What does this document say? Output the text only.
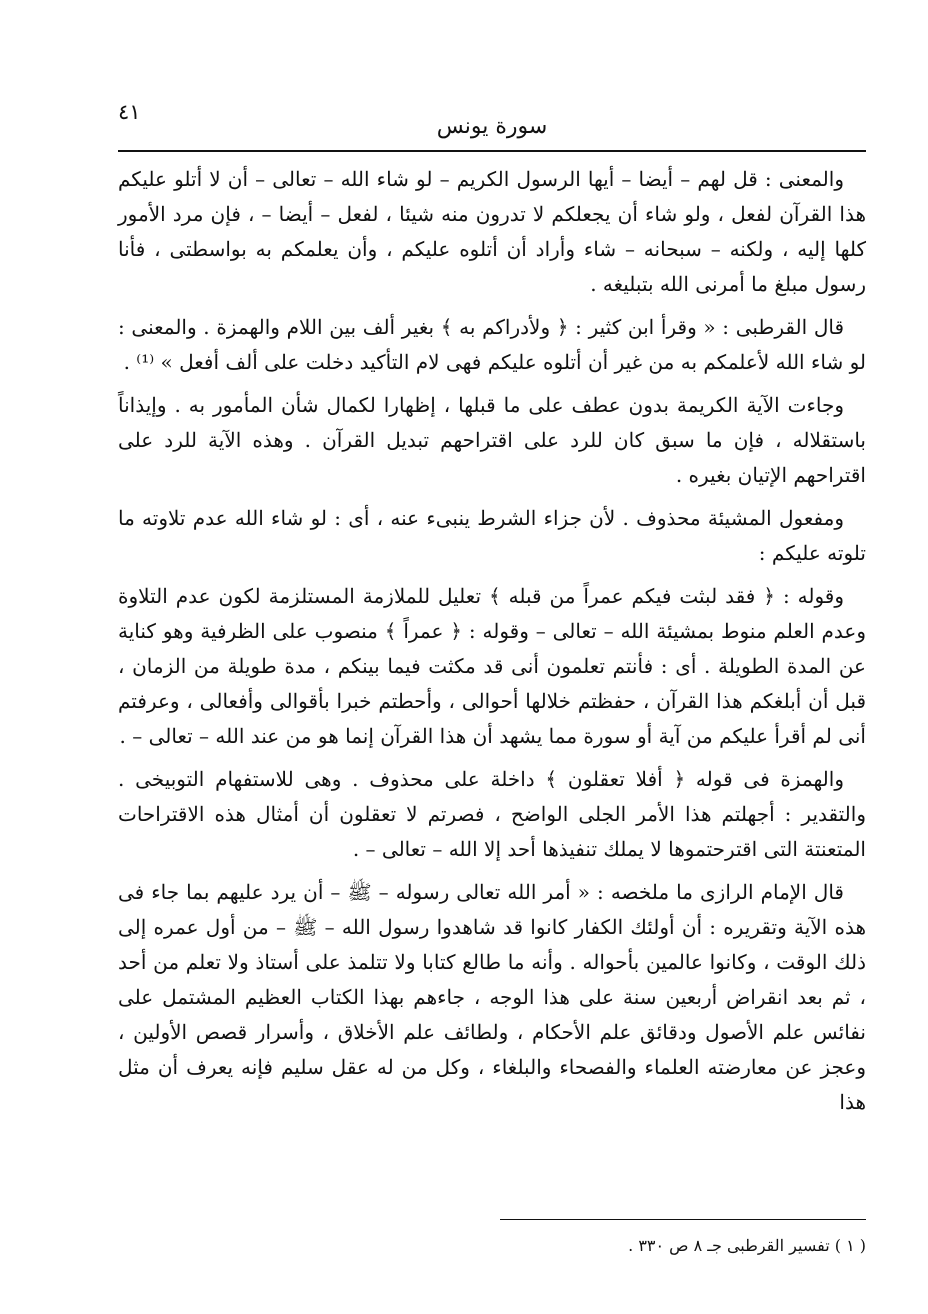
٤١
سورة يونس

والمعنى : قل لهم – أيضا – أيها الرسول الكريم – لو شاء الله – تعالى – أن لا أتلو عليكم هذا القرآن لفعل ، ولو شاء أن يجعلكم لا تدرون منه شيئا ، لفعل – أيضا – ، فإن مرد الأمور كلها إليه ، ولكنه – سبحانه – شاء وأراد أن أتلوه عليكم ، وأن يعلمكم به بواسطتى ، فأنا رسول مبلغ ما أمرنى الله بتبليغه .

قال القرطبى : « وقرأ ابن كثير : ﴿ ولأدراكم به ﴾ بغير ألف بين اللام والهمزة . والمعنى : لو شاء الله لأعلمكم به من غير أن أتلوه عليكم فهى لام التأكيد دخلت على ألف أفعل » ⁽¹⁾ .

وجاءت الآية الكريمة بدون عطف على ما قبلها ، إظهارا لكمال شأن المأمور به . وإيذاناً باستقلاله ، فإن ما سبق كان للرد على اقتراحهم تبديل القرآن . وهذه الآية للرد على اقتراحهم الإتيان بغيره .

ومفعول المشيئة محذوف . لأن جزاء الشرط ينبىء عنه ، أى : لو شاء الله عدم تلاوته ما تلوته عليكم :

وقوله : ﴿ فقد لبثت فيكم عمراً من قبله ﴾ تعليل للملازمة المستلزمة لكون عدم التلاوة وعدم العلم منوط بمشيئة الله – تعالى – وقوله : ﴿ عمراً ﴾ منصوب على الظرفية وهو كناية عن المدة الطويلة . أى : فأنتم تعلمون أنى قد مكثت فيما بينكم ، مدة طويلة من الزمان ، قبل أن أبلغكم هذا القرآن ، حفظتم خلالها أحوالى ، وأحطتم خبرا بأقوالى وأفعالى ، وعرفتم أنى لم أقرأ عليكم من آية أو سورة مما يشهد أن هذا القرآن إنما هو من عند الله – تعالى – .

والهمزة فى قوله ﴿ أفلا تعقلون ﴾ داخلة على محذوف . وهى للاستفهام التوبيخى . والتقدير : أجهلتم هذا الأمر الجلى الواضح ، فصرتم لا تعقلون أن أمثال هذه الاقتراحات المتعنتة التى اقترحتموها لا يملك تنفيذها أحد إلا الله – تعالى – .

قال الإمام الرازى ما ملخصه : « أمر الله تعالى رسوله – ﷺ – أن يرد عليهم بما جاء فى هذه الآية وتقريره : أن أولئك الكفار كانوا قد شاهدوا رسول الله – ﷺ – من أول عمره إلى ذلك الوقت ، وكانوا عالمين بأحواله . وأنه ما طالع كتابا ولا تتلمذ على أستاذ ولا تعلم من أحد ، ثم بعد انقراض أربعين سنة على هذا الوجه ، جاءهم بهذا الكتاب العظيم المشتمل على نفائس علم الأصول ودقائق علم الأحكام ، ولطائف علم الأخلاق ، وأسرار قصص الأولين ، وعجز عن معارضته العلماء والفصحاء والبلغاء ، وكل من له عقل سليم فإنه يعرف أن مثل هذا

( ١ ) تفسير القرطبى جـ ٨ ص ٣٣٠ .
